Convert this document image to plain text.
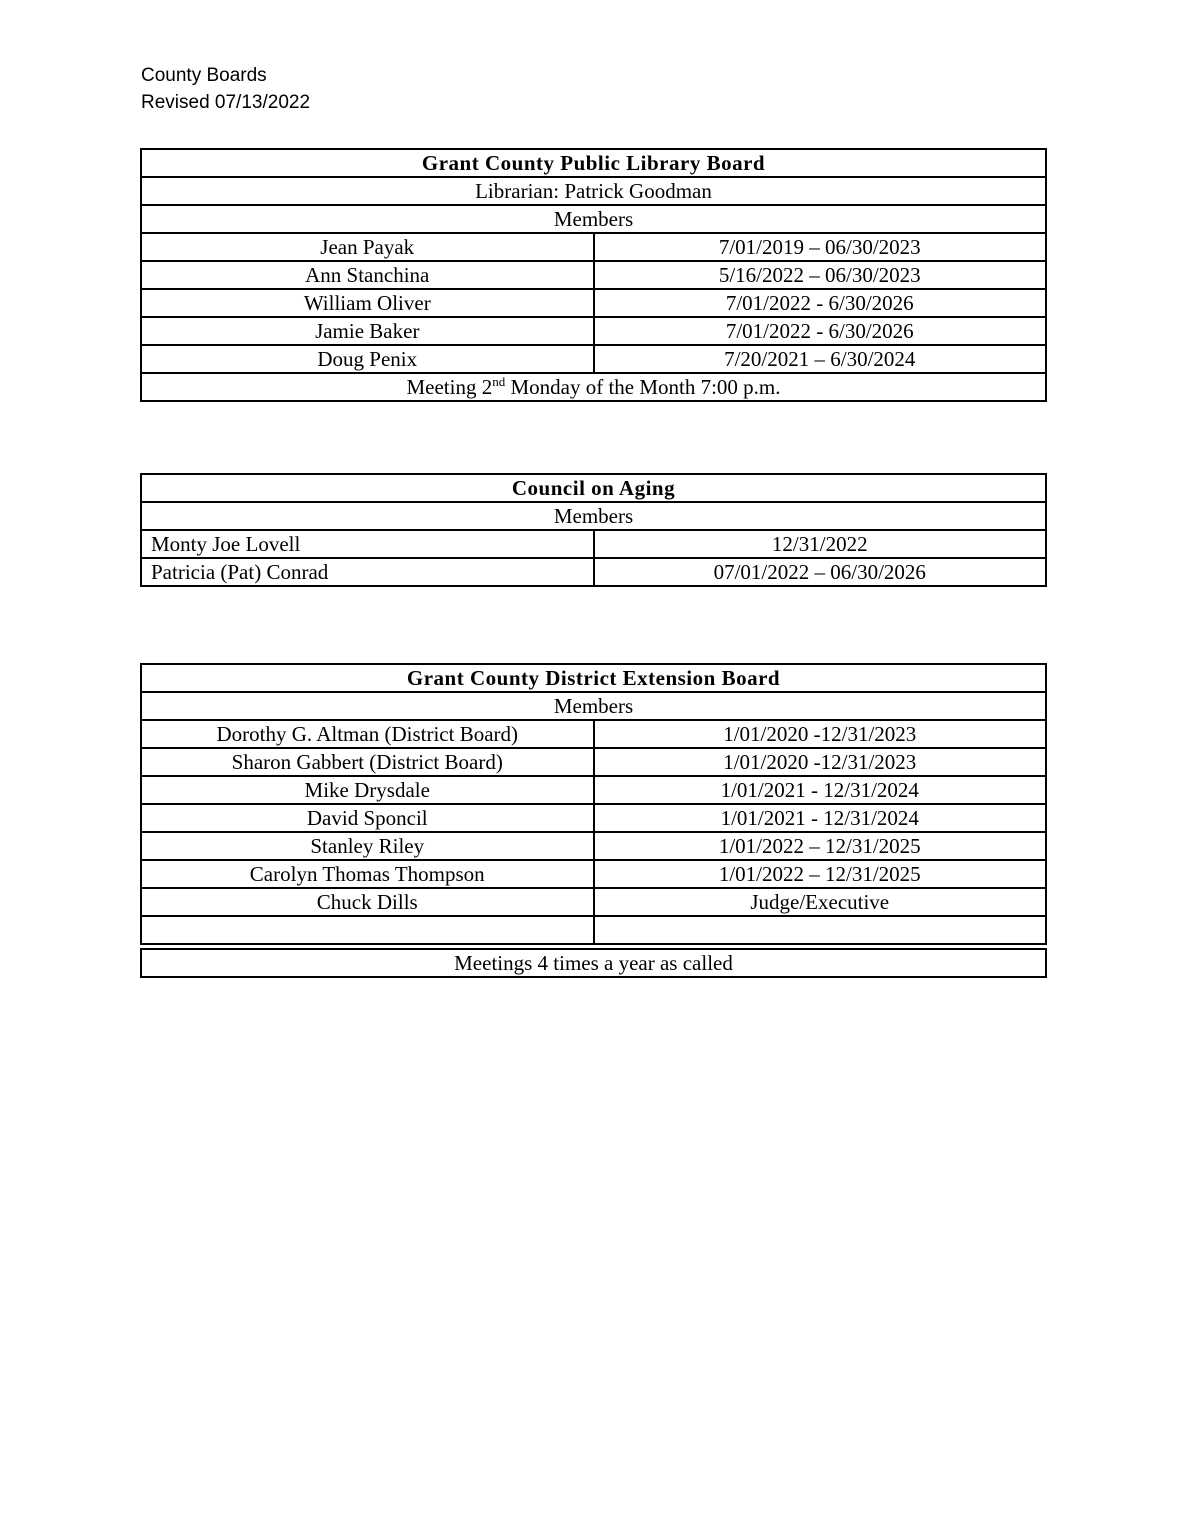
County Boards
Revised 07/13/2022
Grant County Public Library Board	
Librarian: Patrick Goodman	
Members	
Jean Payak	7/01/2019 – 06/30/2023
Ann Stanchina	5/16/2022 – 06/30/2023
William Oliver	7/01/2022 - 6/30/2026
Jamie Baker	7/01/2022 - 6/30/2026
Doug Penix	7/20/2021 – 6/30/2024
Meeting 2nd Monday of the Month 7:00 p.m.	
Council on Aging	
Members	
Monty Joe Lovell	12/31/2022
Patricia (Pat) Conrad	07/01/2022 – 06/30/2026
Grant County District Extension Board	
Members	
Dorothy G. Altman (District Board)	1/01/2020 -12/31/2023
Sharon Gabbert (District Board)	1/01/2020 -12/31/2023
Mike Drysdale	1/01/2021 - 12/31/2024
David Sponcil	1/01/2021 - 12/31/2024
Stanley Riley	1/01/2022 – 12/31/2025
Carolyn Thomas Thompson	1/01/2022 – 12/31/2025
Chuck Dills	Judge/Executive

Meetings 4 times a year as called	
